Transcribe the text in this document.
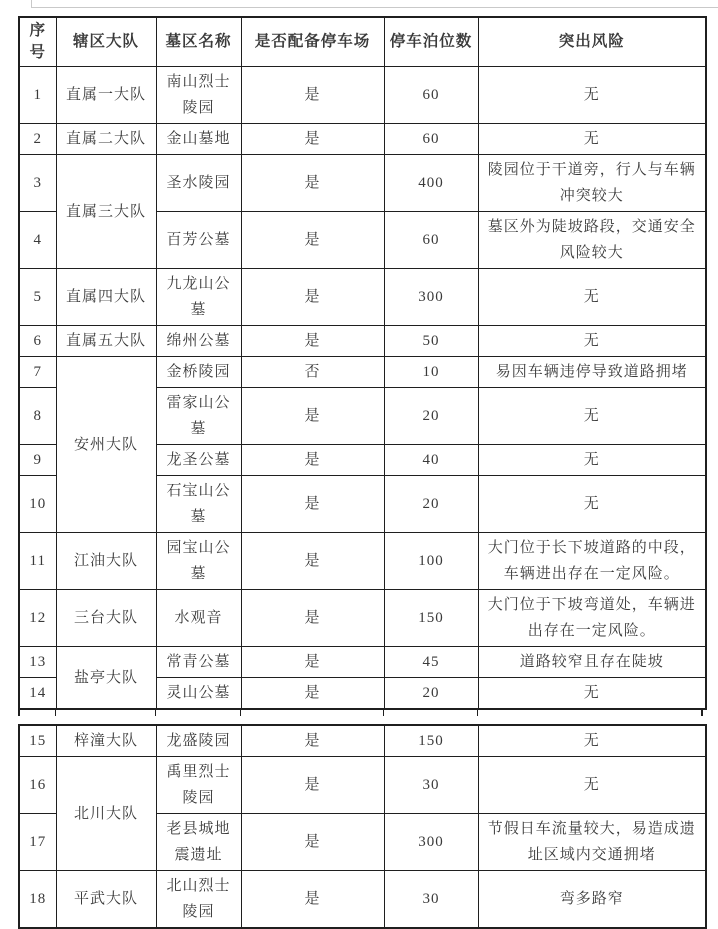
序号	辖区大队	墓区名称	是否配备停车场	停车泊位数	突出风险
1	直属一大队	南山烈士陵园	是	60	无
2	直属二大队	金山墓地	是	60	无
3	直属三大队	圣水陵园	是	400	陵园位于干道旁，行人与车辆冲突较大
4		百芳公墓	是	60	墓区外为陡坡路段，交通安全风险较大
5	直属四大队	九龙山公墓	是	300	无
6	直属五大队	绵州公墓	是	50	无
7	安州大队	金桥陵园	否	10	易因车辆违停导致道路拥堵
8		雷家山公墓	是	20	无
9		龙圣公墓	是	40	无
10		石宝山公墓	是	20	无
11	江油大队	园宝山公墓	是	100	大门位于长下坡道路的中段，车辆进出存在一定风险。
12	三台大队	水观音	是	150	大门位于下坡弯道处，车辆进出存在一定风险。
13	盐亭大队	常青公墓	是	45	道路较窄且存在陡坡
14		灵山公墓	是	20	无
15	梓潼大队	龙盛陵园	是	150	无
16	北川大队	禹里烈士陵园	是	30	无
17		老县城地震遗址	是	300	节假日车流量较大，易造成遗址区域内交通拥堵
18	平武大队	北山烈士陵园	是	30	弯多路窄
